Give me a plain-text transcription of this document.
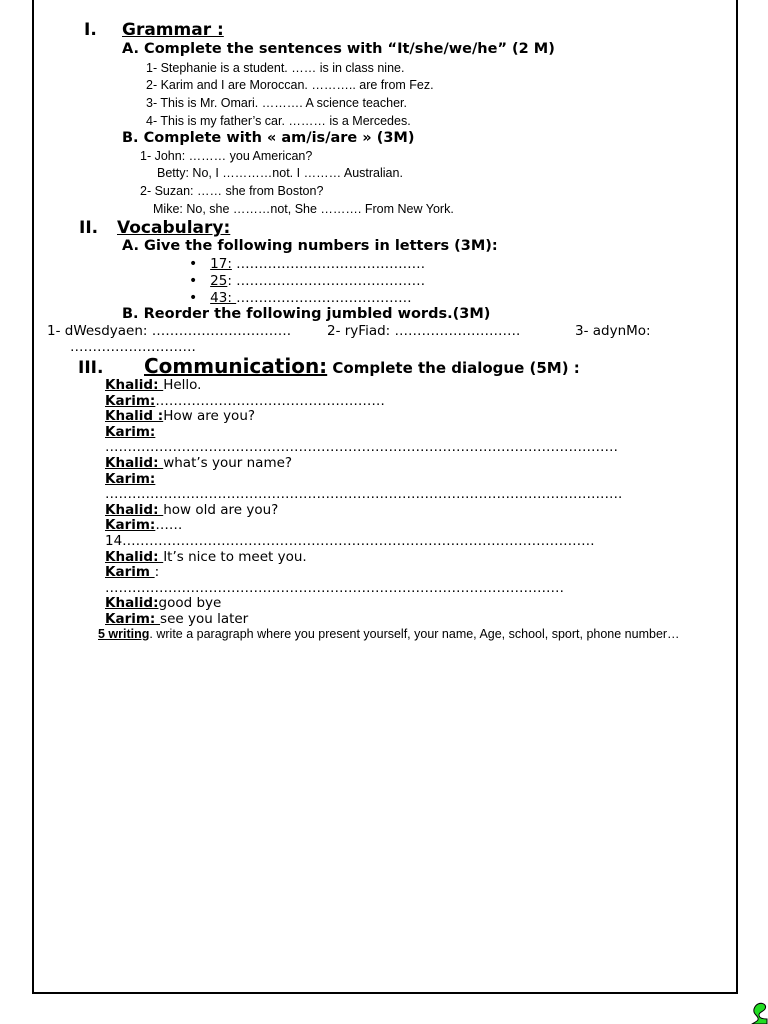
I. Grammar :
A. Complete the sentences with “It/she/we/he” (2 M)
1- Stephanie is a student. …… is in class nine.
2- Karim and I are Moroccan. ……….. are from Fez.
3- This is Mr. Omari. ………. A science teacher.
4- This is my father’s car. ……… is a Mercedes.
B. Complete with « am/is/are » (3M)
1- John: ……… you American?
Betty: No, I …………not. I ……… Australian.
2- Suzan: …… she from Boston?
Mike: No, she ………not, She ………. From New York.
II. Vocabulary:
A. Give the following numbers in letters (3M):
• 17: ……………………………………
• 25: ……………………………………
• 43: …………………………………
B. Reorder the following jumbled words.(3M)
1- dWesdyaen: ………………………….	2- ryFiad: ……………………….	3- adynMo:
……………………….
III. Communication: Complete the dialogue (5M) :
Khalid: Hello.
Karim:……………………………………………
Khalid :How are you?
Karim:
……………………………………………………………………………………………………
Khalid: what’s your name?
Karim:
…………………………………………………………………………………………………….
Khalid: how old are you?
Karim:……
14……………………………………………………………………………………………
Khalid: It’s nice to meet you.
Karim :
…………………………………………………………………………………………
Khalid:good bye
Karim: see you later
5 writing. write a paragraph where you present yourself, your name, Age, school, sport, phone number…
